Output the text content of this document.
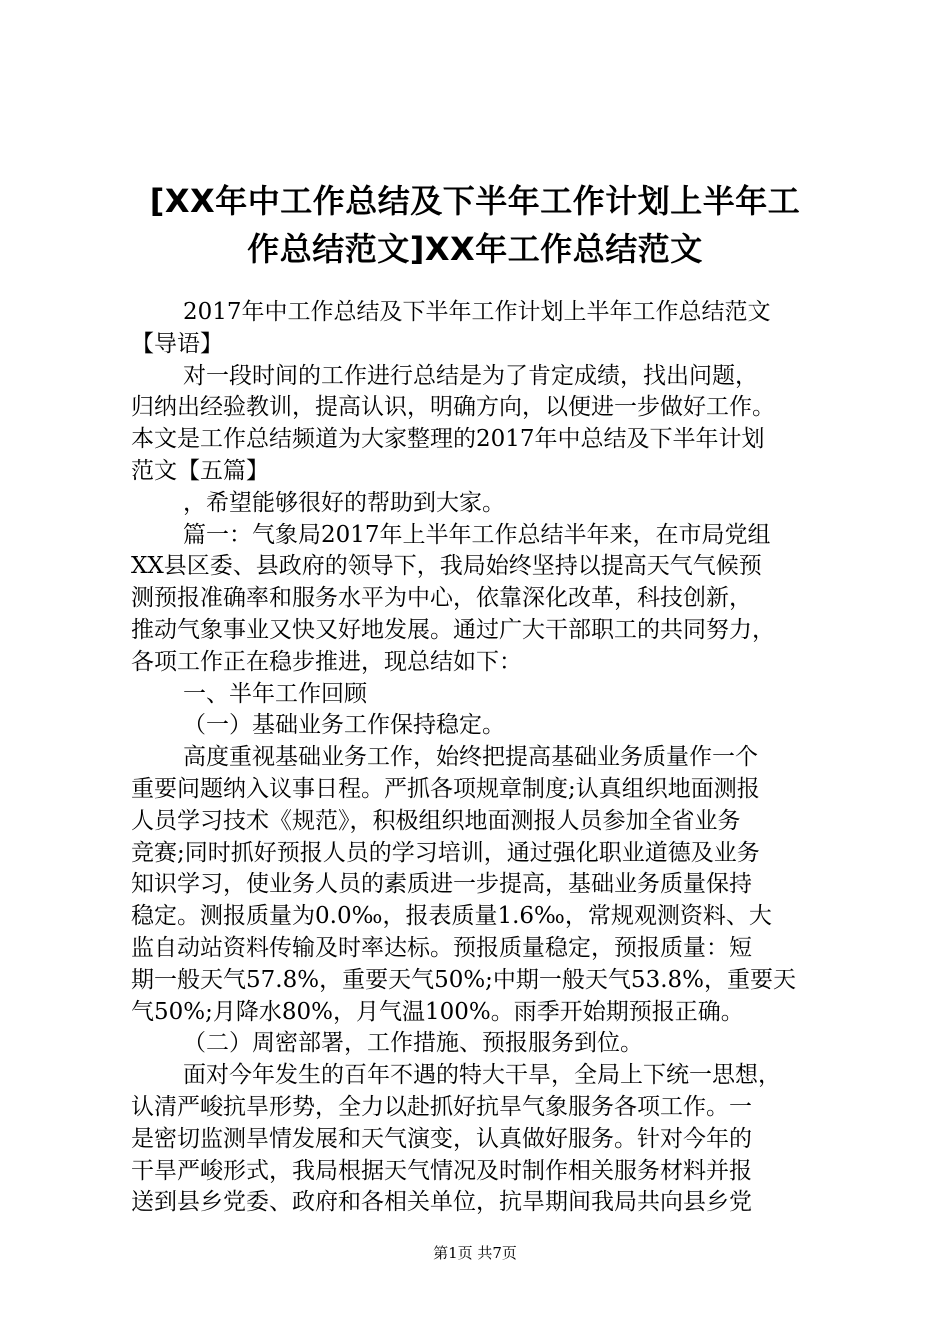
[XX年中工作总结及下半年工作计划上半年工
作总结范文]XX年工作总结范文
2017年中工作总结及下半年工作计划上半年工作总结范文
【导语】
对一段时间的工作进行总结是为了肯定成绩，找出问题，
归纳出经验教训，提高认识，明确方向，以便进一步做好工作。
本文是工作总结频道为大家整理的2017年中总结及下半年计划
范文【五篇】
，希望能够很好的帮助到大家。
篇一：气象局2017年上半年工作总结半年来，在市局党组
XX县区委、县政府的领导下，我局始终坚持以提高天气气候预
测预报准确率和服务水平为中心，依靠深化改革，科技创新，
推动气象事业又快又好地发展。通过广大干部职工的共同努力，
各项工作正在稳步推进，现总结如下：
一、半年工作回顾
（一）基础业务工作保持稳定。
高度重视基础业务工作，始终把提高基础业务质量作一个
重要问题纳入议事日程。严抓各项规章制度;认真组织地面测报
人员学习技术《规范》，积极组织地面测报人员参加全省业务
竞赛;同时抓好预报人员的学习培训，通过强化职业道德及业务
知识学习，使业务人员的素质进一步提高，基础业务质量保持
稳定。测报质量为0.0‰，报表质量1.6‰，常规观测资料、大
监自动站资料传输及时率达标。预报质量稳定，预报质量：短
期一般天气57.8%，重要天气50%;中期一般天气53.8%，重要天
气50%;月降水80%，月气温100%。雨季开始期预报正确。
（二）周密部署，工作措施、预报服务到位。
面对今年发生的百年不遇的特大干旱，全局上下统一思想，
认清严峻抗旱形势，全力以赴抓好抗旱气象服务各项工作。一
是密切监测旱情发展和天气演变，认真做好服务。针对今年的
干旱严峻形式，我局根据天气情况及时制作相关服务材料并报
送到县乡党委、政府和各相关单位，抗旱期间我局共向县乡党
第1页 共7页
